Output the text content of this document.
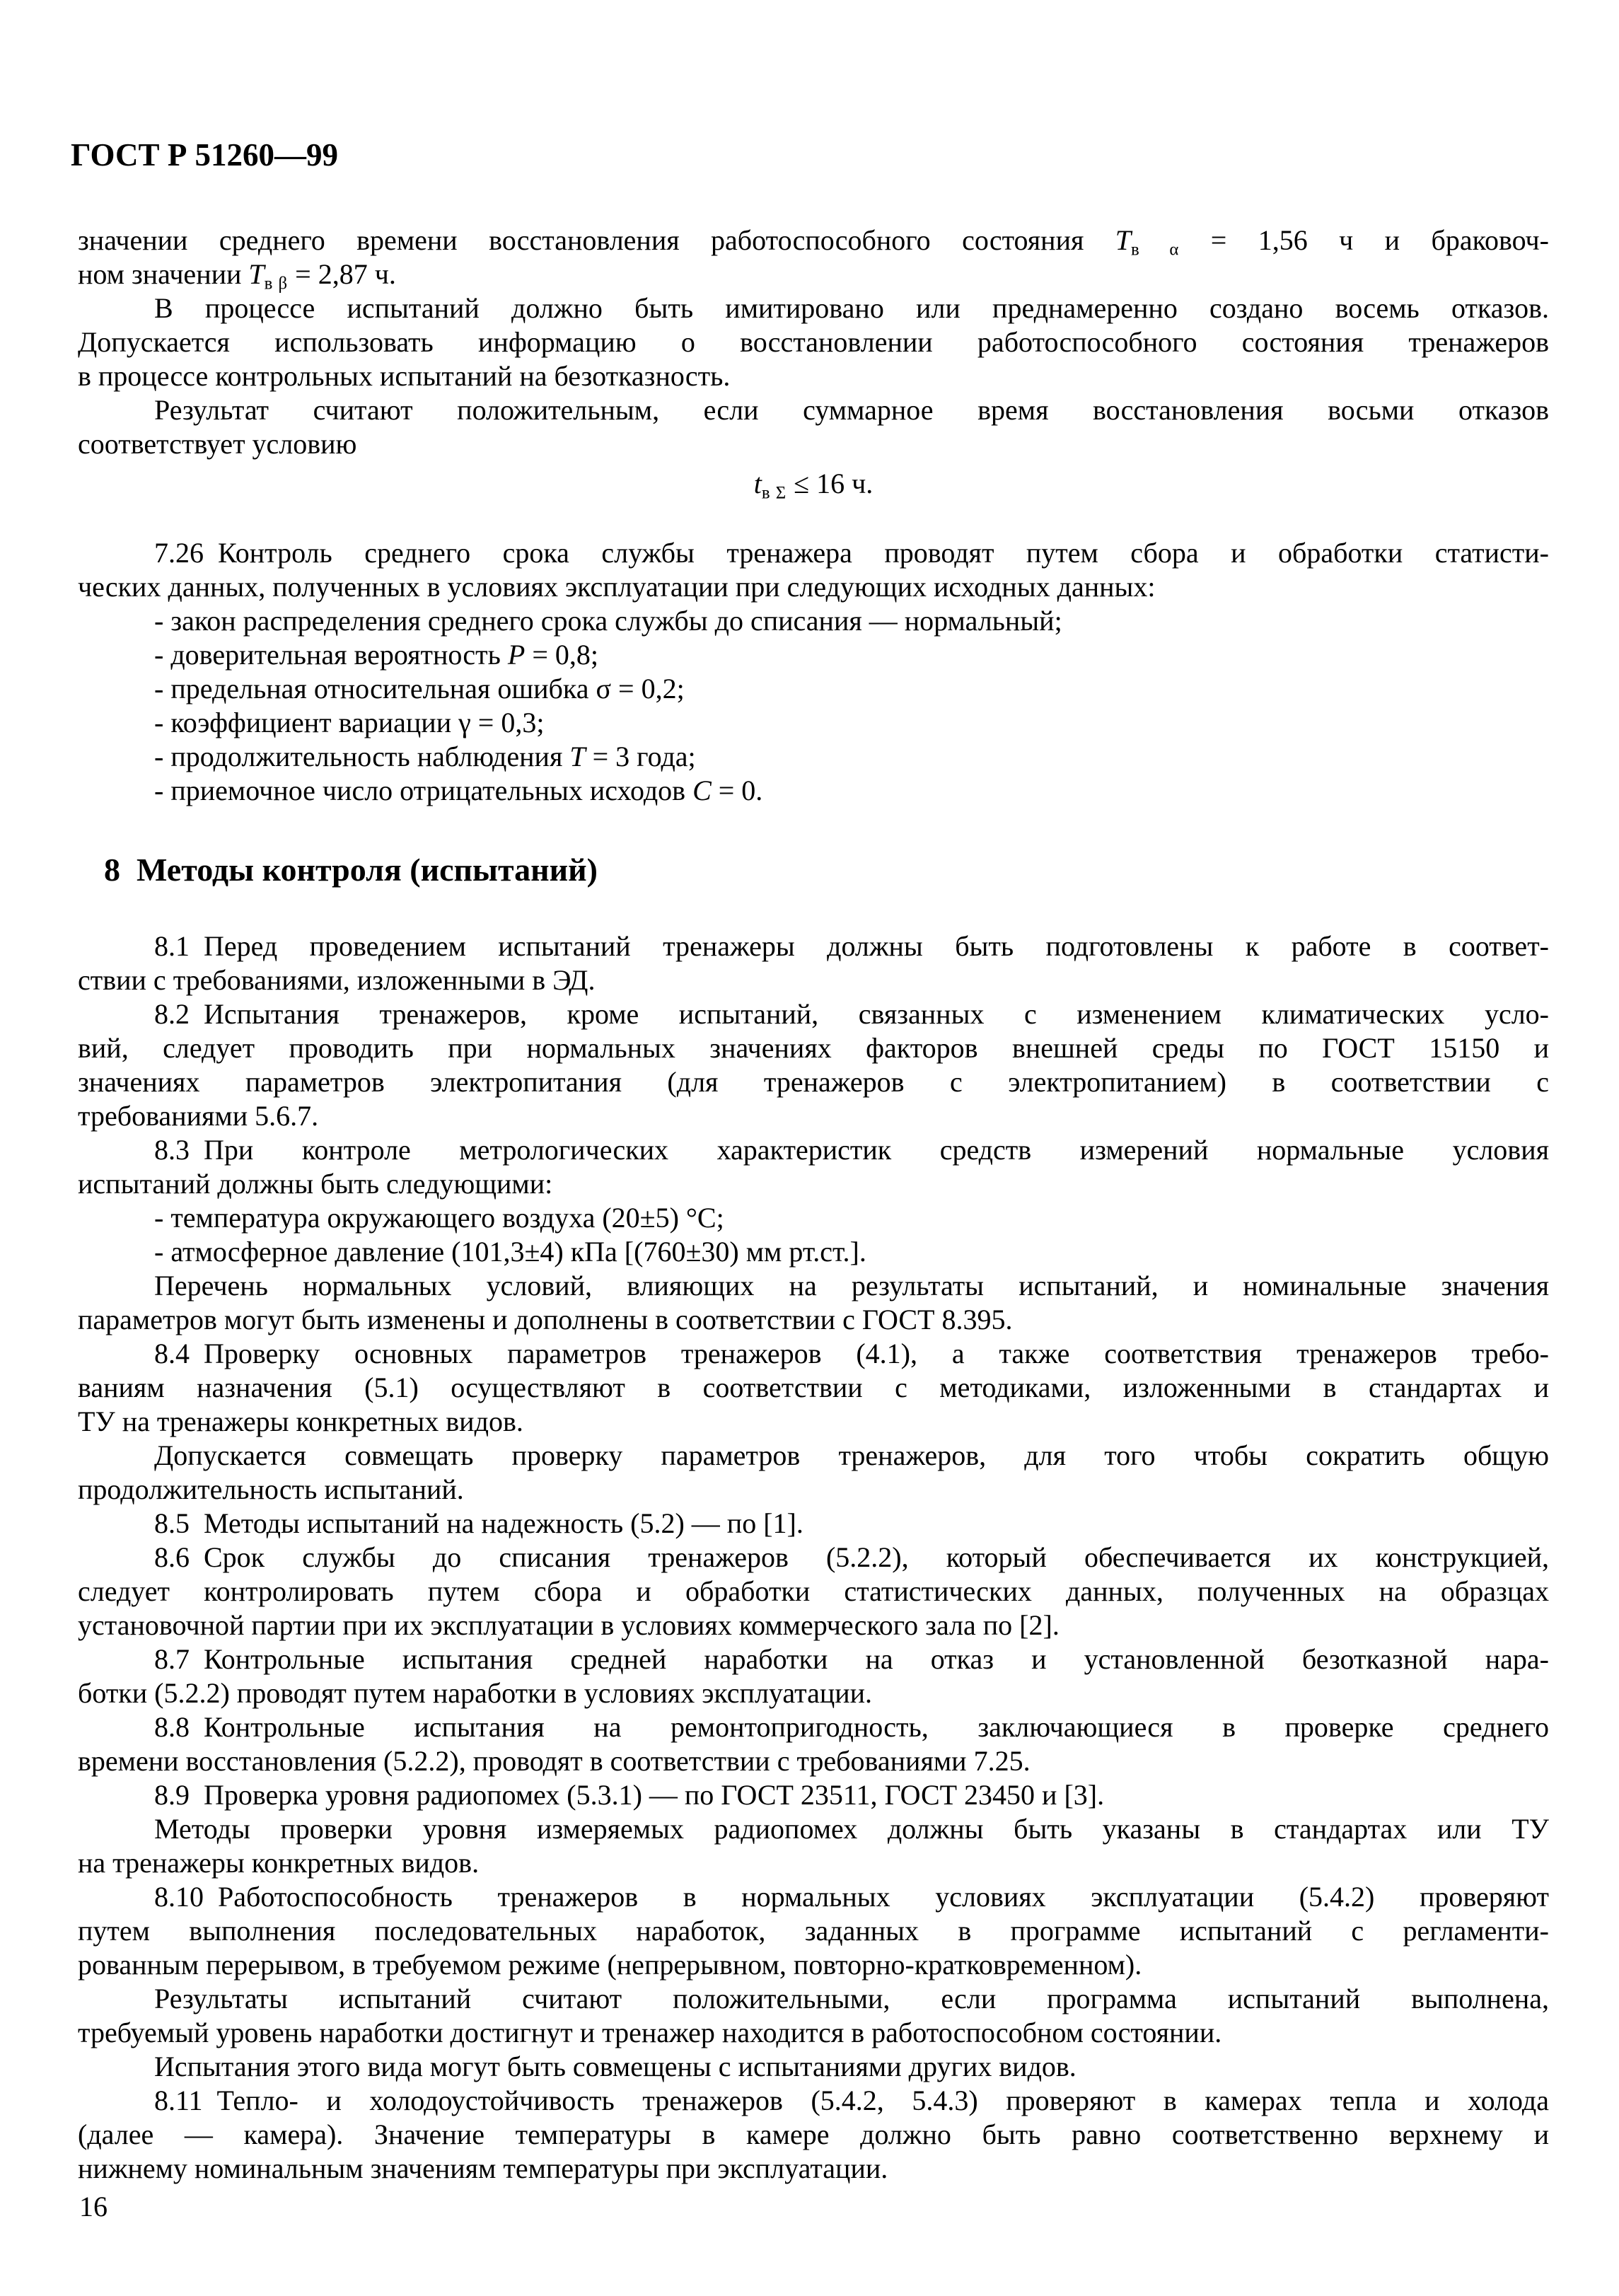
ГОСТ Р 51260—99
значении среднего времени восстановления работоспособного состояния $T_{в \alpha} = 1,56$ ч и браковоч-
ном значении $T_{в \beta} = 2,87$ ч.
В процессе испытаний должно быть имитировано или преднамеренно создано восемь отказов.
Допускается использовать информацию о восстановлении работоспособного состояния тренажеров
в процессе контрольных испытаний на безотказность.
Результат считают положительным, если суммарное время восстановления восьми отказов
соответствует условию
$t_{в \Sigma} \le 16$ ч.
7.26 Контроль среднего срока службы тренажера проводят путем сбора и обработки статисти-
ческих данных, полученных в условиях эксплуатации при следующих исходных данных:
- закон распределения среднего срока службы до списания — нормальный;
- доверительная вероятность P = 0,8;
- предельная относительная ошибка σ = 0,2;
- коэффициент вариации γ = 0,3;
- продолжительность наблюдения T = 3 года;
- приемочное число отрицательных исходов C = 0.
8 Методы контроля (испытаний)
8.1 Перед проведением испытаний тренажеры должны быть подготовлены к работе в соответ-
ствии с требованиями, изложенными в ЭД.
8.2 Испытания тренажеров, кроме испытаний, связанных с изменением климатических усло-
вий, следует проводить при нормальных значениях факторов внешней среды по ГОСТ 15150 и
значениях параметров электропитания (для тренажеров с электропитанием) в соответствии с
требованиями 5.6.7.
8.3 При контроле метрологических характеристик средств измерений нормальные условия
испытаний должны быть следующими:
- температура окружающего воздуха (20±5) °С;
- атмосферное давление (101,3±4) кПа [(760±30) мм рт.ст.].
Перечень нормальных условий, влияющих на результаты испытаний, и номинальные значения
параметров могут быть изменены и дополнены в соответствии с ГОСТ 8.395.
8.4 Проверку основных параметров тренажеров (4.1), а также соответствия тренажеров требо-
ваниям назначения (5.1) осуществляют в соответствии с методиками, изложенными в стандартах и
ТУ на тренажеры конкретных видов.
Допускается совмещать проверку параметров тренажеров, для того чтобы сократить общую
продолжительность испытаний.
8.5 Методы испытаний на надежность (5.2) — по [1].
8.6 Срок службы до списания тренажеров (5.2.2), который обеспечивается их конструкцией,
следует контролировать путем сбора и обработки статистических данных, полученных на образцах
установочной партии при их эксплуатации в условиях коммерческого зала по [2].
8.7 Контрольные испытания средней наработки на отказ и установленной безотказной нара-
ботки (5.2.2) проводят путем наработки в условиях эксплуатации.
8.8 Контрольные испытания на ремонтопригодность, заключающиеся в проверке среднего
времени восстановления (5.2.2), проводят в соответствии с требованиями 7.25.
8.9 Проверка уровня радиопомех (5.3.1) — по ГОСТ 23511, ГОСТ 23450 и [3].
Методы проверки уровня измеряемых радиопомех должны быть указаны в стандартах или ТУ
на тренажеры конкретных видов.
8.10 Работоспособность тренажеров в нормальных условиях эксплуатации (5.4.2) проверяют
путем выполнения последовательных наработок, заданных в программе испытаний с регламенти-
рованным перерывом, в требуемом режиме (непрерывном, повторно-кратковременном).
Результаты испытаний считают положительными, если программа испытаний выполнена,
требуемый уровень наработки достигнут и тренажер находится в работоспособном состоянии.
Испытания этого вида могут быть совмещены с испытаниями других видов.
8.11 Тепло- и холодоустойчивость тренажеров (5.4.2, 5.4.3) проверяют в камерах тепла и холода
(далее — камера). Значение температуры в камере должно быть равно соответственно верхнему и
нижнему номинальным значениям температуры при эксплуатации.
16
